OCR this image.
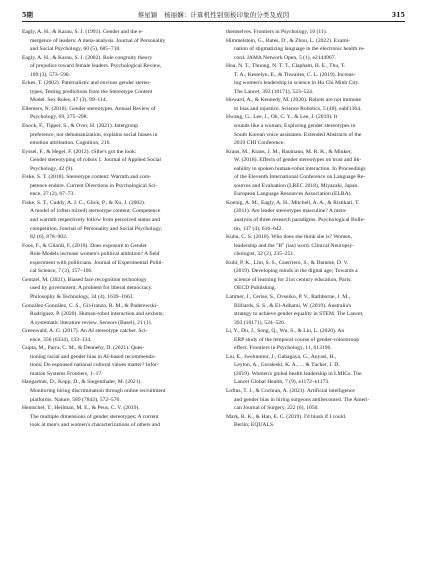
5期	蔡星颖　杨丽娴：计算机性别刻板印象的分类及成因	315

Eagly, A. H., & Karau, S. J. (1991). Gender and the e-
mergence of leaders: A meta-analysis. Journal of Personality
and Social Psychology, 60 (5), 685–710.

Eagly, A. H., & Karau, S. J. (2002). Role congruity theory
of prejudice toward female leaders. Psychological Review,
109 (3), 573–598.

Eckes, T. (2002). Paternalistic and envious gender stereo-
types; Testing predictions from the Stereotype Content
Model. Sex Roles, 47 (3), 99–114.

Ellemers, N. (2018). Gender stereotypes. Annual Review of
Psychology, 69, 275–298.

Enock, F., Tipper, S., & Over, H. (2021). Intergroup
preference, not dehumanization, explains social biases in
emotion attribution. Cognition, 216.

Eyssel, F., & Hegel, F. (2012). (S)he's got the look:
Gender stereotyping of robots 1. Journal of Applied Social
Psychology, 42 (9).

Fiske, S. T. (2018). Stereotype content: Warmth and com-
petence endure. Current Directions in Psychological Sci-
ence, 27 (2), 67–73.

Fiske, S. T., Cuddy, A. J. C., Glick, P., & Xu, J. (2002).
A model of (often mixed) stereotype content; Competence
and warmth respectively follow from perceived status and
competition. Journal of Personality and Social Psychology,
82 (6), 878–902.

Foos, F., & Gilardi, F. (2019). Does exposure to Gender
Role Models increase women's political ambition? A field
experiment with politicians. Journal of Experimental Politi-
cal Science, 7 (3), 157–166.

Gentzel, M. (2021). Biased face recognition technology
used by government; A problem for liberal democracy.
Philosophy & Technology, 34 (4), 1639–1663.

González-González, C. S., Gil-Iranzo, R. M., & Paderewski-
Rodríguez, P. (2020). Human-robot interaction and sexbots;
A systematic literature review. Sensors (Basel), 21 (1).

Greenwald, A. G. (2017). An AI stereotype catcher. Sci-
ence, 356 (6334), 133–134.

Gupta, M., Parra, C. M., & Dennehy, D. (2021). Ques-
tioning racial and gender bias in AI-based recommenda-
tions; Do espoused national cultural values matter? Infor-
mation Systems Frontiers, 1–17.

Hangartner, D., Kopp, D., & Siegenthaler, M. (2021).
Monitoring hiring discrimination through online recruitment
platforms. Nature, 589 (7843), 572–576.

Hentschel, T., Heilman, M. E., & Peus, C. V. (2019).
The multiple dimensions of gender stereotypes; A current
look at men's and women's characterizations of others and

themselves. Frontiers in Psychology, 10 (11).

Himmelstein, G., Bates, D., & Zhou, L. (2022). Exami-
nation of stigmatizing language in the electronic health re-
cord. JAMA Network Open, 5 (1), e2144967.

Hoa, N. T., Thuong, N. T. T., Clapham, H. E., Thu, T.
T. A., Kestelyn, E., & Thwaites, C. L. (2019). Increas-
ing women's leadership in science in Ho Chi Minh City.
The Lancet, 393 (10171), 523–524.

Howard, A., & Kennedy, M. (2020). Robots are not immune
to bias and injustice. Science Robotics, 5 (48), eabf1364.

Hwang, G., Lee, J., Oh, C. Y., & Lee, J. (2019). It
sounds like a woman; Exploring gender stereotypes in
South Korean voice assistants. Extended Abstracts of the
2019 CHI Conference.

Kraus, M., Kraus, J. M., Baumann, M. R. K., & Minker,
W. (2018). Effects of gender stereotypes on trust and lik-
eability in spoken human-robot interaction. In Proceedings
of the Eleventh International Conference on Language Re-
sources and Evaluation (LREC 2018), Miyazaki, Japan.
European Language Resources Association (ELRA).

Koenig, A. M., Eagly, A. H., Mitchell, A. A., & Ristikari, T.
(2011). Are leader stereotypes masculine? A meta-
analysis of three research paradigms. Psychological Bulle-
tin, 137 (4), 616–642.

Kuhu, C. S. (2018). Who does she think she is? Women,
leadership and the "B" (ias) word. Clinical Neuropsy-
chologist, 32 (2), 235–251.

Kuhl, P. K., Lim, S. S., Guerriero, S., & Damme, D. V.
(2019). Developing minds in the digital age; Towards a
science of learning for 21st century education, Paris;
OECD Publishing.

Latimer, J., Cerise, S., Ovseiko, P. V., Rathborne, J. M.,
Billiards, S. S., & El-Adhami, W. (2019). Australia's
strategy to achieve gender equality in STEM. The Lancet,
393 (10171), 524–526.

Li, Y., Du, J., Song, Q., Wu, S., & Liu, L. (2020). An
ERP study of the temporal course of gender-colorstroop
effect. Frontiers in Psychology, 11, 613196.

Liu, E., Iwelunmor, J., Gabagaya, G., Anyasi, H.,
Leyton, A., Goraleski, K. A., ... & Tucker, J. D.
(2019). Women's global health leadership in LMICs. The
Lancet Global Health, 7 (9), e1172–e1173.

Loftus, T. J., & Cochran, A. (2021). Artificial intelligence
and gender bias in hiring surgeons antibecomed. The Ameri-
can Journal of Surgery, 222 (6), 1050.

Mark, R. K., & Han, E. C. (2019). I'd blush if I could.
Berlin; EQUALS.
